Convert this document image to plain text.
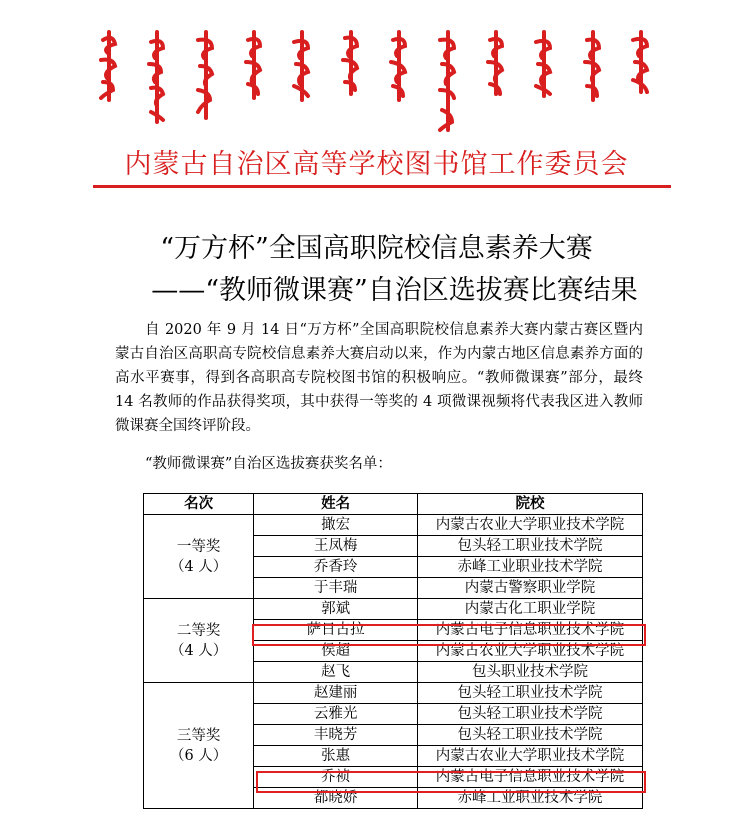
内蒙古自治区高等学校图书馆工作委员会
“万方杯”全国高职院校信息素养大赛
——“教师微课赛”自治区选拔赛比赛结果

自 2020 年 9 月 14 日“万方杯”全国高职院校信息素养大赛内蒙古赛区暨内蒙古自治区高职高专院校信息素养大赛启动以来，作为内蒙古地区信息素养方面的高水平赛事，得到各高职高专院校图书馆的积极响应。“教师微课赛”部分，最终 14 名教师的作品获得奖项，其中获得一等奖的 4 项微课视频将代表我区进入教师微课赛全国终评阶段。

“教师微课赛”自治区选拔赛获奖名单：
名次	姓名	院校
一等奖
（4 人）	撖宏	内蒙古农业大学职业技术学院
	王凤梅	包头轻工职业技术学院
	乔香玲	赤峰工业职业技术学院
	于丰瑞	内蒙古警察职业学院
二等奖
（4 人）	郭斌	内蒙古化工职业学院
	萨日古拉	内蒙古电子信息职业技术学院
	侯超	内蒙古农业大学职业技术学院
	赵飞	包头职业技术学院
三等奖
（6 人）	赵建丽	包头轻工职业技术学院
	云雅光	包头轻工职业技术学院
	丰晓芳	包头轻工职业技术学院
	张惠	内蒙古农业大学职业技术学院
	乔祯	内蒙古电子信息职业技术学院
	都晓娇	赤峰工业职业技术学院
